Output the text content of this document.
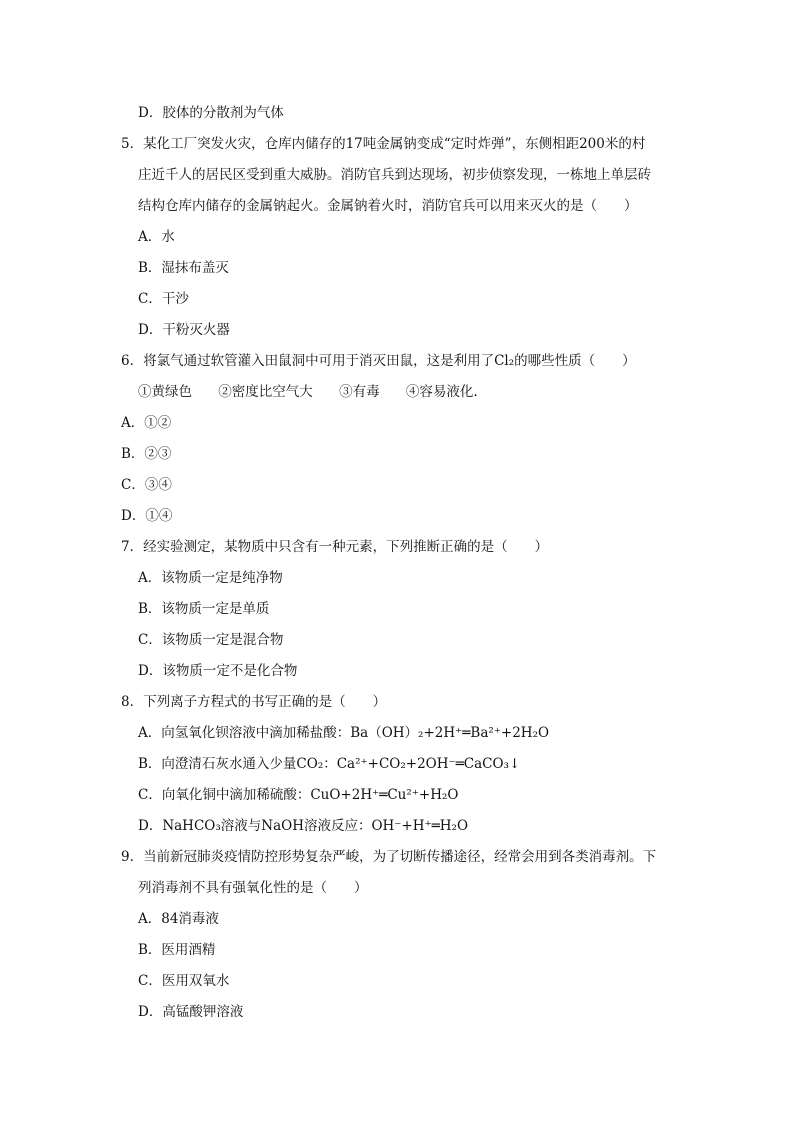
D．胶体的分散剂为气体
5．某化工厂突发火灾，仓库内储存的17吨金属钠变成“定时炸弹”，东侧相距200米的村
庄近千人的居民区受到重大威胁。消防官兵到达现场，初步侦察发现，一栋地上单层砖
结构仓库内储存的金属钠起火。金属钠着火时，消防官兵可以用来灭火的是（　　）
A．水
B．湿抹布盖灭
C．干沙
D．干粉灭火器
6．将氯气通过软管灌入田鼠洞中可用于消灭田鼠，这是利用了Cl₂的哪些性质（　　）
①黄绿色 ②密度比空气大 ③有毒 ④容易液化.
A．①②
B．②③
C．③④
D．①④
7．经实验测定，某物质中只含有一种元素，下列推断正确的是（　　）
A．该物质一定是纯净物
B．该物质一定是单质
C．该物质一定是混合物
D．该物质一定不是化合物
8．下列离子方程式的书写正确的是（　　）
A．向氢氧化钡溶液中滴加稀盐酸：Ba（OH）₂+2H⁺═Ba²⁺+2H₂O
B．向澄清石灰水通入少量CO₂：Ca²⁺+CO₂+2OH⁻═CaCO₃↓
C．向氧化铜中滴加稀硫酸：CuO+2H⁺═Cu²⁺+H₂O
D．NaHCO₃溶液与NaOH溶液反应：OH⁻+H⁺═H₂O
9．当前新冠肺炎疫情防控形势复杂严峻，为了切断传播途径，经常会用到各类消毒剂。下
列消毒剂不具有强氧化性的是（　　）
A．84消毒液
B．医用酒精
C．医用双氧水
D．高锰酸钾溶液
